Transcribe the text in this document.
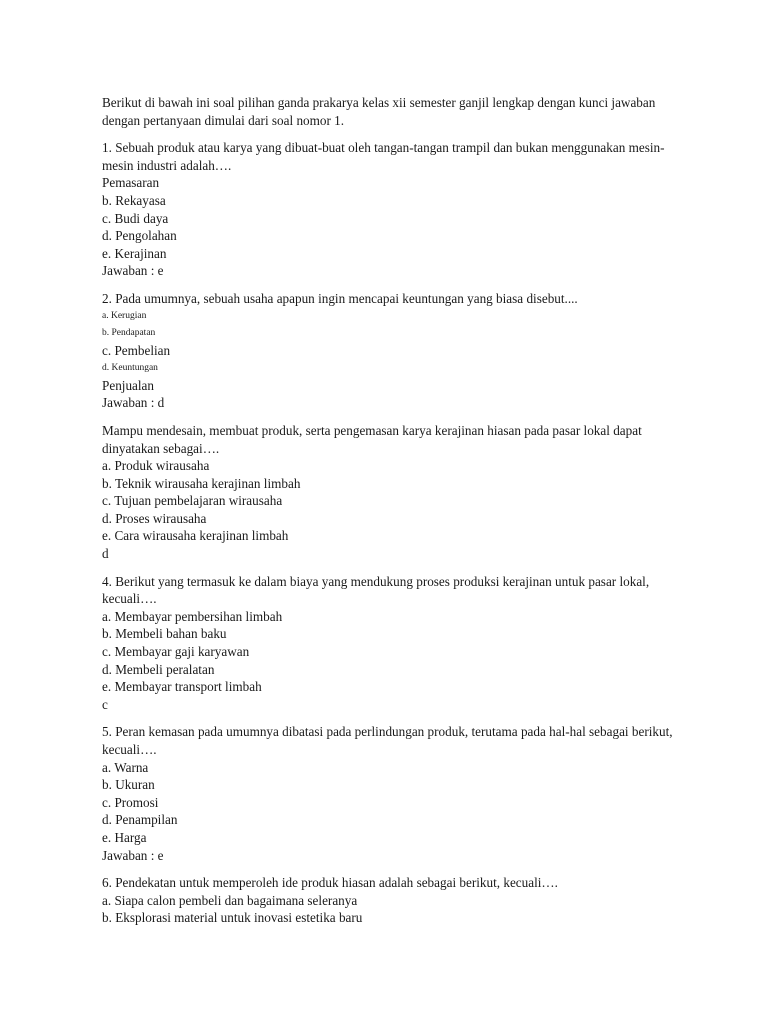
Berikut di bawah ini soal pilihan ganda prakarya kelas xii semester ganjil lengkap dengan kunci jawaban dengan pertanyaan dimulai dari soal nomor 1.

1. Sebuah produk atau karya yang dibuat-buat oleh tangan-tangan trampil dan bukan menggunakan mesin-mesin industri adalah….

Pemasaran
b. Rekayasa
c. Budi daya
d. Pengolahan
e. Kerajinan
Jawaban : e

2. Pada umumnya, sebuah usaha apapun ingin mencapai keuntungan yang biasa disebut....

a. Kerugian
b. Pendapatan
c. Pembelian
d. Keuntungan
Penjualan
Jawaban : d

Mampu mendesain, membuat produk, serta pengemasan karya kerajinan hiasan pada pasar lokal dapat dinyatakan sebagai….

a. Produk wirausaha
b. Teknik wirausaha kerajinan limbah
c. Tujuan pembelajaran wirausaha
d. Proses wirausaha
e. Cara wirausaha kerajinan limbah
d

4. Berikut yang termasuk ke dalam biaya yang mendukung proses produksi kerajinan untuk pasar lokal, kecuali….

a. Membayar pembersihan limbah
b. Membeli bahan baku
c. Membayar gaji karyawan
d. Membeli peralatan
e. Membayar transport limbah
c

5. Peran kemasan pada umumnya dibatasi pada perlindungan produk, terutama pada hal-hal sebagai berikut, kecuali….

a. Warna
b. Ukuran
c. Promosi
d. Penampilan
e. Harga
Jawaban : e

6. Pendekatan untuk memperoleh ide produk hiasan adalah sebagai berikut, kecuali….

a. Siapa calon pembeli dan bagaimana seleranya
b. Eksplorasi material untuk inovasi estetika baru
